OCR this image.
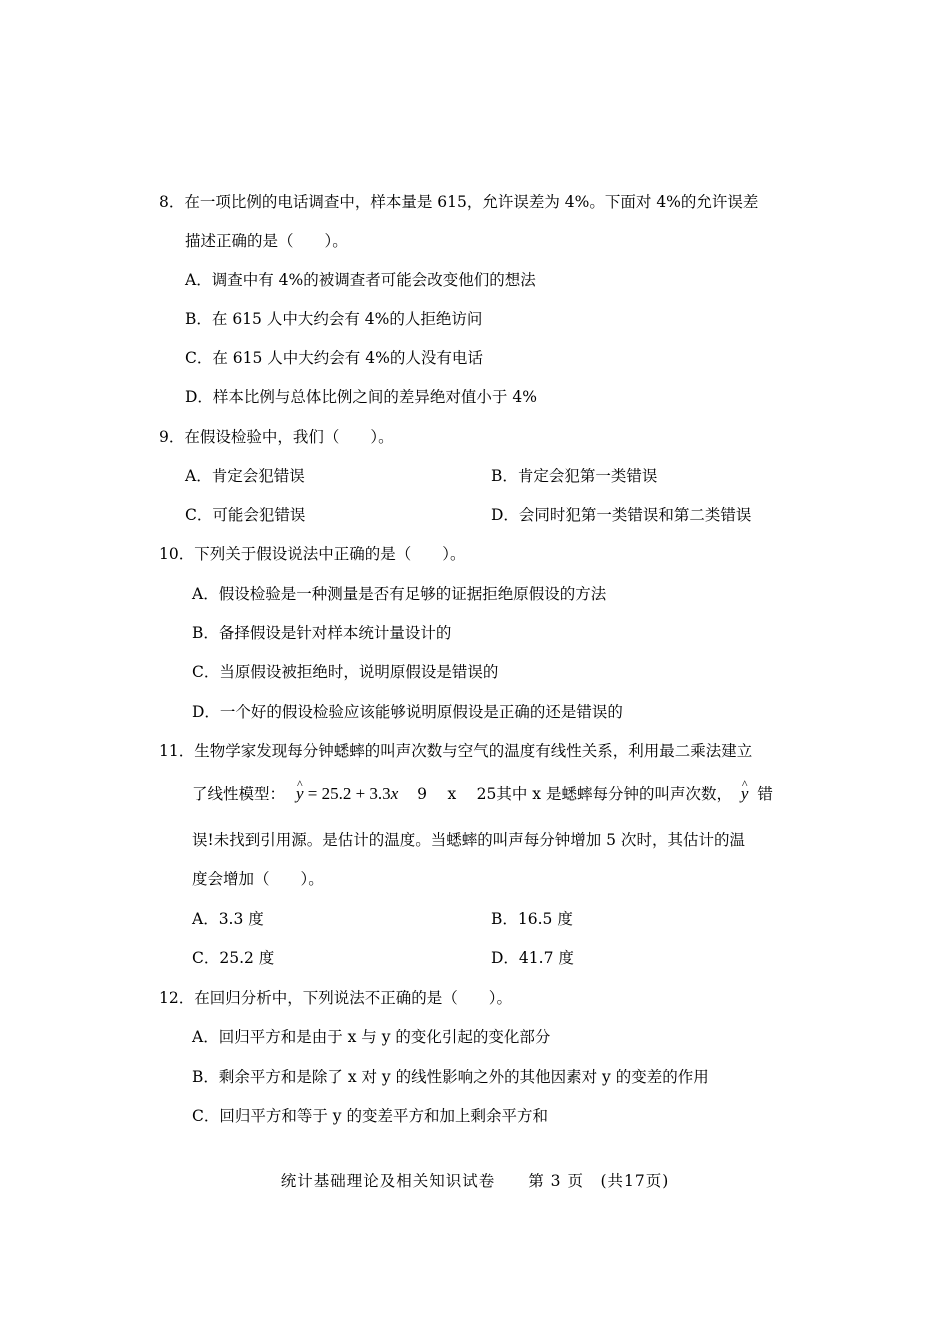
8．在一项比例的电话调查中，样本量是 615，允许误差为 4%。下面对 4%的允许误差
描述正确的是（　　）。
A．调查中有 4%的被调查者可能会改变他们的想法
B．在 615 人中大约会有 4%的人拒绝访问
C．在 615 人中大约会有 4%的人没有电话
D．样本比例与总体比例之间的差异绝对值小于 4%
9．在假设检验中，我们（　　）。
A．肯定会犯错误	B．肯定会犯第一类错误
C．可能会犯错误	D．会同时犯第一类错误和第二类错误
10．下列关于假设说法中正确的是（　　）。
A．假设检验是一种测量是否有足够的证据拒绝原假设的方法
B．备择假设是针对样本统计量设计的
C．当原假设被拒绝时，说明原假设是错误的
D．一个好的假设检验应该能够说明原假设是正确的还是错误的
11．生物学家发现每分钟蟋蟀的叫声次数与空气的温度有线性关系，利用最二乘法建立
了线性模型： ^ y = 25.2 + 3.3x 9　 x　 25其中 x 是蟋蟀每分钟的叫声次数， ^ y 错
误!未找到引用源。是估计的温度。当蟋蟀的叫声每分钟增加 5 次时，其估计的温
度会增加（　　）。
A．3.3 度	B．16.5 度
C．25.2 度	D．41.7 度
12．在回归分析中，下列说法不正确的是（　　）。
A．回归平方和是由于 x 与 y 的变化引起的变化部分
B．剩余平方和是除了 x 对 y 的线性影响之外的其他因素对 y 的变差的作用
C．回归平方和等于 y 的变差平方和加上剩余平方和
统计基础理论及相关知识试卷　　 第 3 页　(共17页)
